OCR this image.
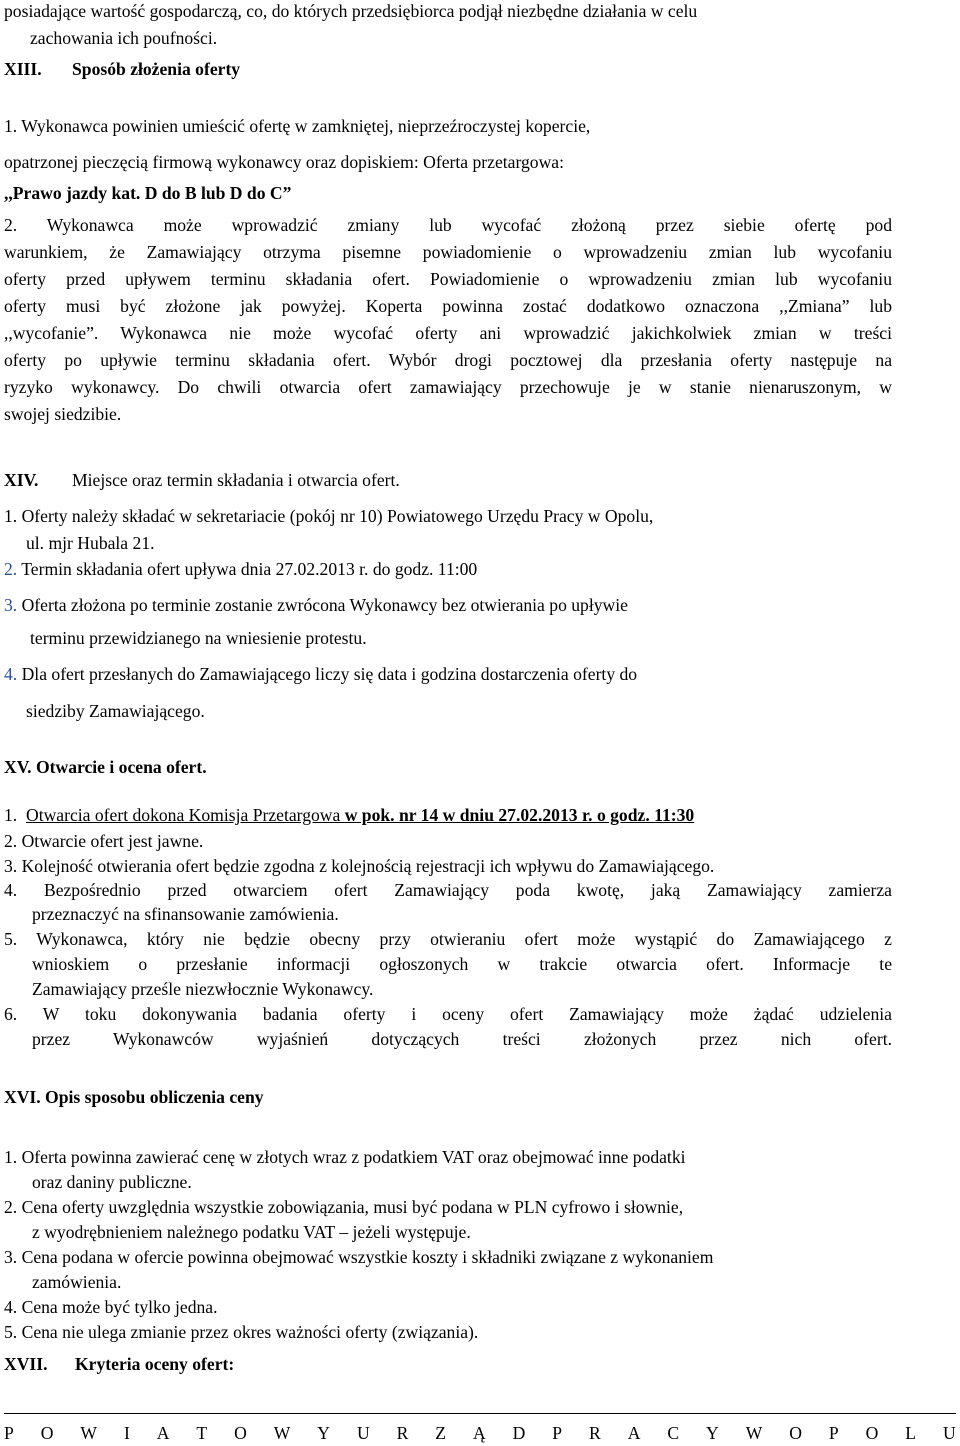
posiadające wartość gospodarczą, co, do których przedsiębiorca podjął niezbędne działania w celu
zachowania ich poufności.
XIII. Sposób złożenia oferty
1. Wykonawca powinien umieścić ofertę w zamkniętej, nieprzeźroczystej kopercie,
opatrzonej pieczęcią firmową wykonawcy oraz dopiskiem: Oferta przetargowa:
,,Prawo jazdy kat. D do B lub D do C”
2. Wykonawca może wprowadzić zmiany lub wycofać złożoną przez siebie ofertę pod
warunkiem, że Zamawiający otrzyma pisemne powiadomienie o wprowadzeniu zmian lub wycofaniu
oferty przed upływem terminu składania ofert. Powiadomienie o wprowadzeniu zmian lub wycofaniu
oferty musi być złożone jak powyżej. Koperta powinna zostać dodatkowo oznaczona ,,Zmiana” lub
,,wycofanie”. Wykonawca nie może wycofać oferty ani wprowadzić jakichkolwiek zmian w treści
oferty po upływie terminu składania ofert. Wybór drogi pocztowej dla przesłania oferty następuje na
ryzyko wykonawcy. Do chwili otwarcia ofert zamawiający przechowuje je w stanie nienaruszonym, w
swojej siedzibie.
XIV. Miejsce oraz termin składania i otwarcia ofert.
1. Oferty należy składać w sekretariacie (pokój nr 10) Powiatowego Urzędu Pracy w Opolu,
ul. mjr Hubala 21.
2. Termin składania ofert upływa dnia 27.02.2013 r. do godz. 11:00
3. Oferta złożona po terminie zostanie zwrócona Wykonawcy bez otwierania po upływie
terminu przewidzianego na wniesienie protestu.
4. Dla ofert przesłanych do Zamawiającego liczy się data i godzina dostarczenia oferty do
siedziby Zamawiającego.
XV. Otwarcie i ocena ofert.
1. Otwarcia ofert dokona Komisja Przetargowa w pok. nr 14 w dniu 27.02.2013 r. o godz. 11:30
2. Otwarcie ofert jest jawne.
3. Kolejność otwierania ofert będzie zgodna z kolejnością rejestracji ich wpływu do Zamawiającego.
4. Bezpośrednio przed otwarciem ofert Zamawiający poda kwotę, jaką Zamawiający zamierza
przeznaczyć na sfinansowanie zamówienia.
5. Wykonawca, który nie będzie obecny przy otwieraniu ofert może wystąpić do Zamawiającego z
wnioskiem o przesłanie informacji ogłoszonych w trakcie otwarcia ofert. Informacje te
Zamawiający prześle niezwłocznie Wykonawcy.
6. W toku dokonywania badania oferty i oceny ofert Zamawiający może żądać udzielenia
przez Wykonawców wyjaśnień dotyczących treści złożonych przez nich ofert.
XVI. Opis sposobu obliczenia ceny
1. Oferta powinna zawierać cenę w złotych wraz z podatkiem VAT oraz obejmować inne podatki
oraz daniny publiczne.
2. Cena oferty uwzględnia wszystkie zobowiązania, musi być podana w PLN cyfrowo i słownie,
z wyodrębnieniem należnego podatku VAT – jeżeli występuje.
3. Cena podana w ofercie powinna obejmować wszystkie koszty i składniki związane z wykonaniem
zamówienia.
4. Cena może być tylko jedna.
5. Cena nie ulega zmianie przez okres ważności oferty (związania).
XVII. Kryteria oceny ofert:
P O W I A T O W Y U R Z Ą D P R A C Y W O P O L U
